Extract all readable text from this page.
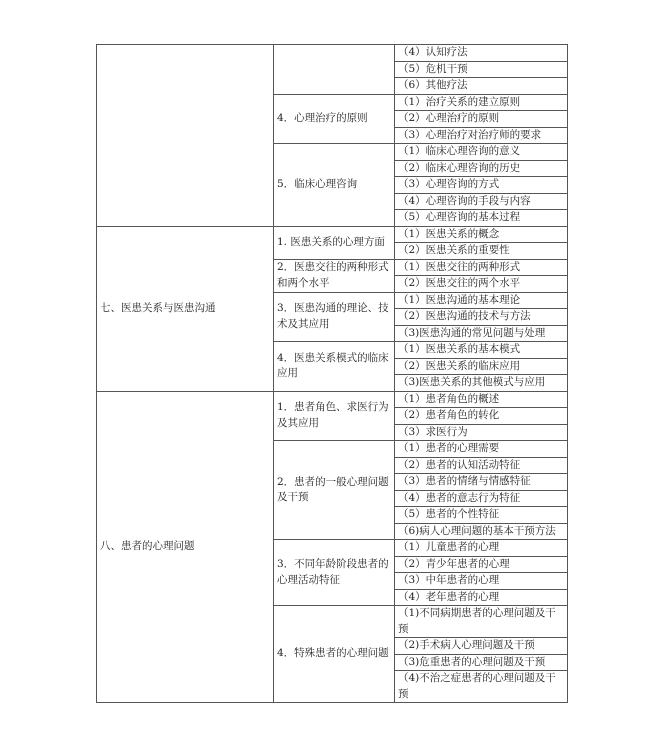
		（4）认知疗法
		（5）危机干预
		（6）其他疗法
	4．心理治疗的原则	（1）治疗关系的建立原则
		（2）心理治疗的原则
		（3）心理治疗对治疗师的要求
	5．临床心理咨询	（1）临床心理咨询的意义
		（2）临床心理咨询的历史
		（3）心理咨询的方式
		（4）心理咨询的手段与内容
		（5）心理咨询的基本过程
七、医患关系与医患沟通	1. 医患关系的心理方面	（1）医患关系的概念
		（2）医患关系的重要性
	2．医患交往的两种形式和两个水平	（1）医患交往的两种形式
		（2）医患交往的两个水平
	3．医患沟通的理论、技术及其应用	（1）医患沟通的基本理论
		（2）医患沟通的技术与方法
		（3)医患沟通的常见问题与处理
	4．医患关系模式的临床应用	（1）医患关系的基本模式
		（2）医患关系的临床应用
		（3)医患关系的其他模式与应用
八、患者的心理问题	1．患者角色、求医行为及其应用	（1）患者角色的概述
		（2）患者角色的转化
		（3）求医行为
	2．患者的一般心理问题及干预	（1）患者的心理需要
		（2）患者的认知活动特征
		（3）患者的情绪与情感特征
		（4）患者的意志行为特征
		（5）患者的个性特征
		（6)病人心理问题的基本干预方法
	3．不同年龄阶段患者的心理活动特征	（1）儿童患者的心理
		（2）青少年患者的心理
		（3）中年患者的心理
		（4）老年患者的心理
	4．特殊患者的心理问题	（1)不同病期患者的心理问题及干预
		（2)手术病人心理问题及干预
		（3)危重患者的心理问题及干预
		（4)不治之症患者的心理问题及干预
